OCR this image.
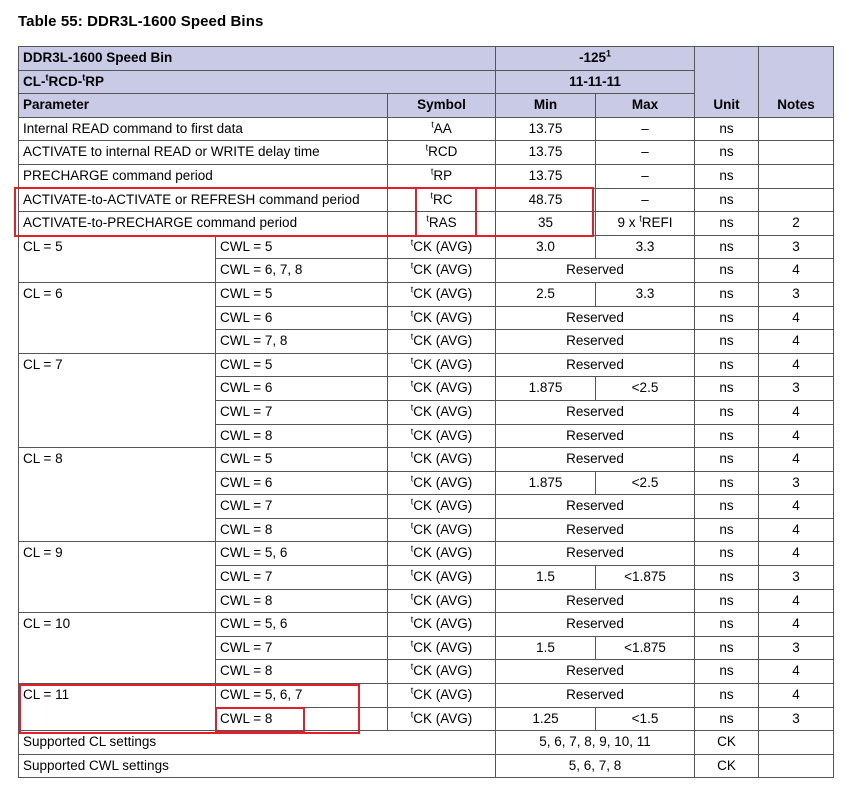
Table 55: DDR3L-1600 Speed Bins
DDR3L-1600 Speed Bin			$-125^1$		Unit	Notes
CL-$^t$RCD-$^t$RP			11-11-11			
Parameter		Symbol	Min	Max		
Internal READ command to first data		$^t$AA	13.75	–	ns	
ACTIVATE to internal READ or WRITE delay time		$^t$RCD	13.75	–	ns	
PRECHARGE command period		$^t$RP	13.75	–	ns	
ACTIVATE-to-ACTIVATE or REFRESH command period		$^t$RC	48.75	–	ns	
ACTIVATE-to-PRECHARGE command period		$^t$RAS	35	9 x $^t$REFI	ns	2
CL = 5	CWL = 5	$^t$CK (AVG)	3.0	3.3	ns	3
	CWL = 6, 7, 8	$^t$CK (AVG)	Reserved		ns	4
CL = 6	CWL = 5	$^t$CK (AVG)	2.5	3.3	ns	3
	CWL = 6	$^t$CK (AVG)	Reserved		ns	4
	CWL = 7, 8	$^t$CK (AVG)	Reserved		ns	4
CL = 7	CWL = 5	$^t$CK (AVG)	Reserved		ns	4
	CWL = 6	$^t$CK (AVG)	1.875	<2.5	ns	3
	CWL = 7	$^t$CK (AVG)	Reserved		ns	4
	CWL = 8	$^t$CK (AVG)	Reserved		ns	4
CL = 8	CWL = 5	$^t$CK (AVG)	Reserved		ns	4
	CWL = 6	$^t$CK (AVG)	1.875	<2.5	ns	3
	CWL = 7	$^t$CK (AVG)	Reserved		ns	4
	CWL = 8	$^t$CK (AVG)	Reserved		ns	4
CL = 9	CWL = 5, 6	$^t$CK (AVG)	Reserved		ns	4
	CWL = 7	$^t$CK (AVG)	1.5	<1.875	ns	3
	CWL = 8	$^t$CK (AVG)	Reserved		ns	4
CL = 10	CWL = 5, 6	$^t$CK (AVG)	Reserved		ns	4
	CWL = 7	$^t$CK (AVG)	1.5	<1.875	ns	3
	CWL = 8	$^t$CK (AVG)	Reserved		ns	4
CL = 11	CWL = 5, 6, 7	$^t$CK (AVG)	Reserved		ns	4
	CWL = 8	$^t$CK (AVG)	1.25	<1.5	ns	3
Supported CL settings			5, 6, 7, 8, 9, 10, 11		CK	
Supported CWL settings			5, 6, 7, 8		CK	
